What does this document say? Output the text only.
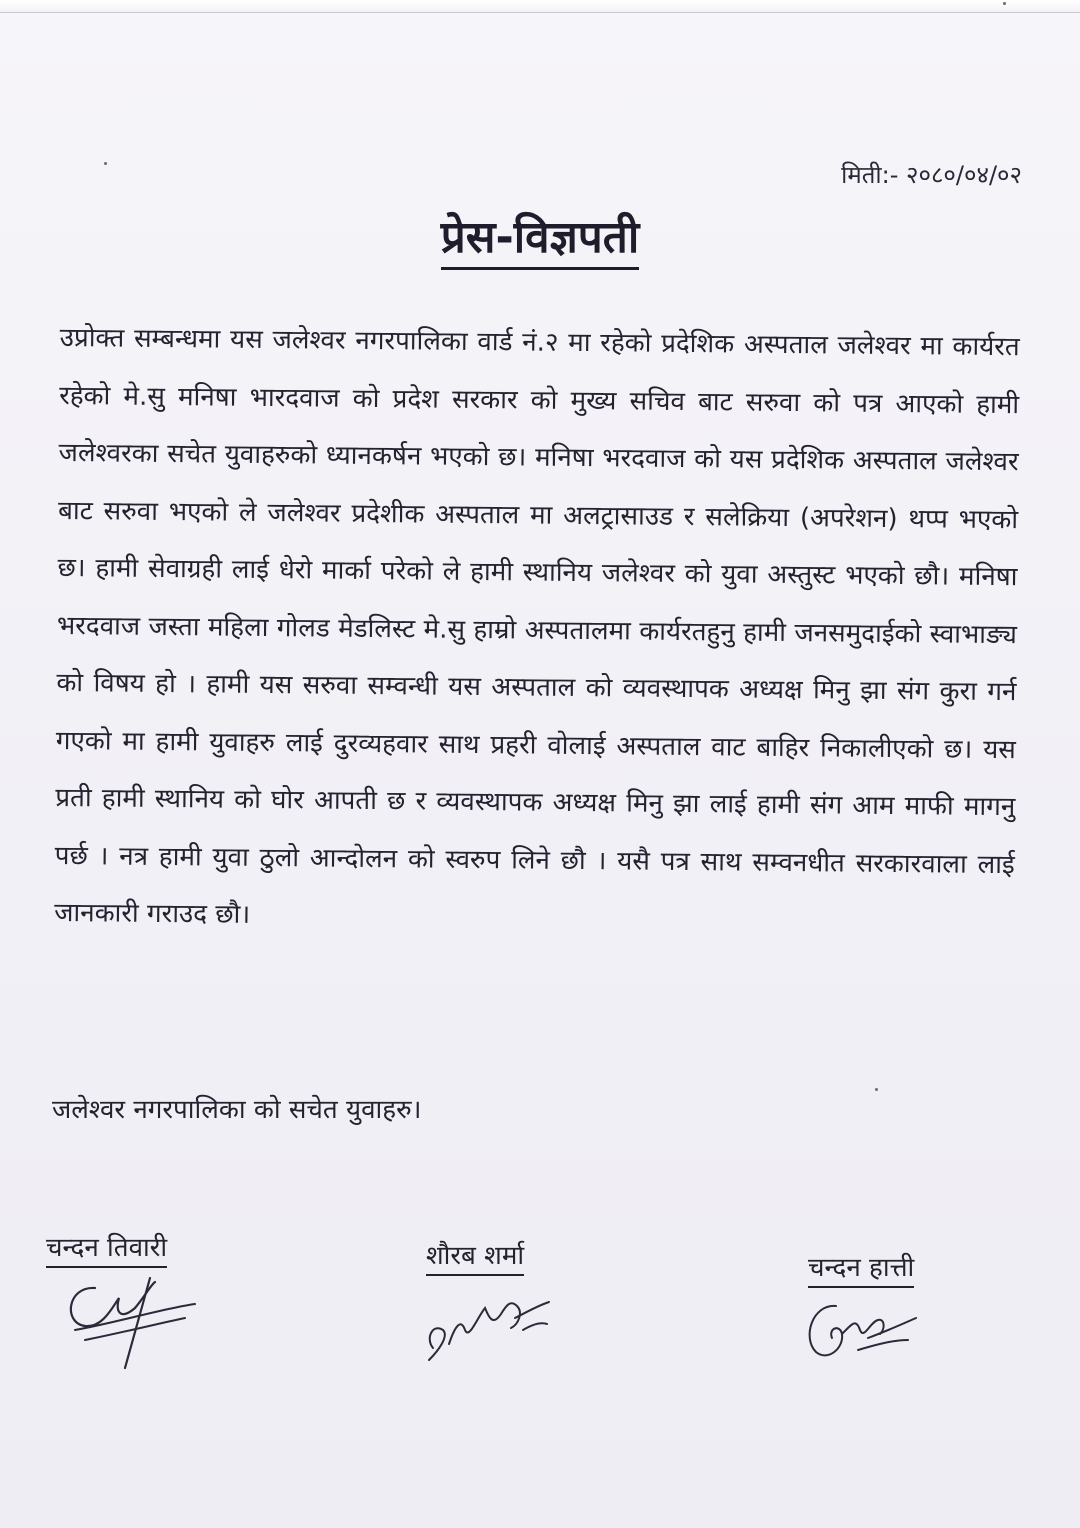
मिती:- २०८०/०४/०२
प्रेस-विज्ञपती

उप्रोक्त सम्बन्धमा यस जलेश्वर नगरपालिका वार्ड नं.२ मा रहेको प्रदेशिक अस्पताल जलेश्वर मा कार्यरत रहेको मे.सु मनिषा भारदवाज को प्रदेश सरकार को मुख्य सचिव बाट सरुवा को पत्र आएको हामी जलेश्वरका सचेत युवाहरुको ध्यानकर्षन भएको छ। मनिषा भरदवाज को यस प्रदेशिक अस्पताल जलेश्वर बाट सरुवा भएको ले जलेश्वर प्रदेशीक अस्पताल मा अलट्रासाउड र सलेक्रिया (अपरेशन) थप्प भएको छ। हामी सेवाग्रही लाई धेरो मार्का परेको ले हामी स्थानिय जलेश्वर को युवा अस्तुस्ट भएको छौ। मनिषा भरदवाज जस्ता महिला गोलड मेडलिस्ट मे.सु हाम्रो अस्पतालमा कार्यरतहुनु हामी जनसमुदाईको स्वाभाङ्य को विषय हो । हामी यस सरुवा सम्वन्धी यस अस्पताल को व्यवस्थापक अध्यक्ष मिनु झा संग कुरा गर्न गएको मा हामी युवाहरु लाई दुरव्यहवार साथ प्रहरी वोलाई अस्पताल वाट बाहिर निकालीएको छ। यस प्रती हामी स्थानिय को घोर आपती छ र व्यवस्थापक अध्यक्ष मिनु झा लाई हामी संग आम माफी मागनु पर्छ । नत्र हामी युवा ठुलो आन्दोलन को स्वरुप लिने छौ । यसै पत्र साथ सम्वनधीत सरकारवाला लाई जानकारी गराउद छौ।

जलेश्वर नगरपालिका को सचेत युवाहरु।
चन्दन तिवारी	शौरब शर्मा	चन्दन हात्ती
